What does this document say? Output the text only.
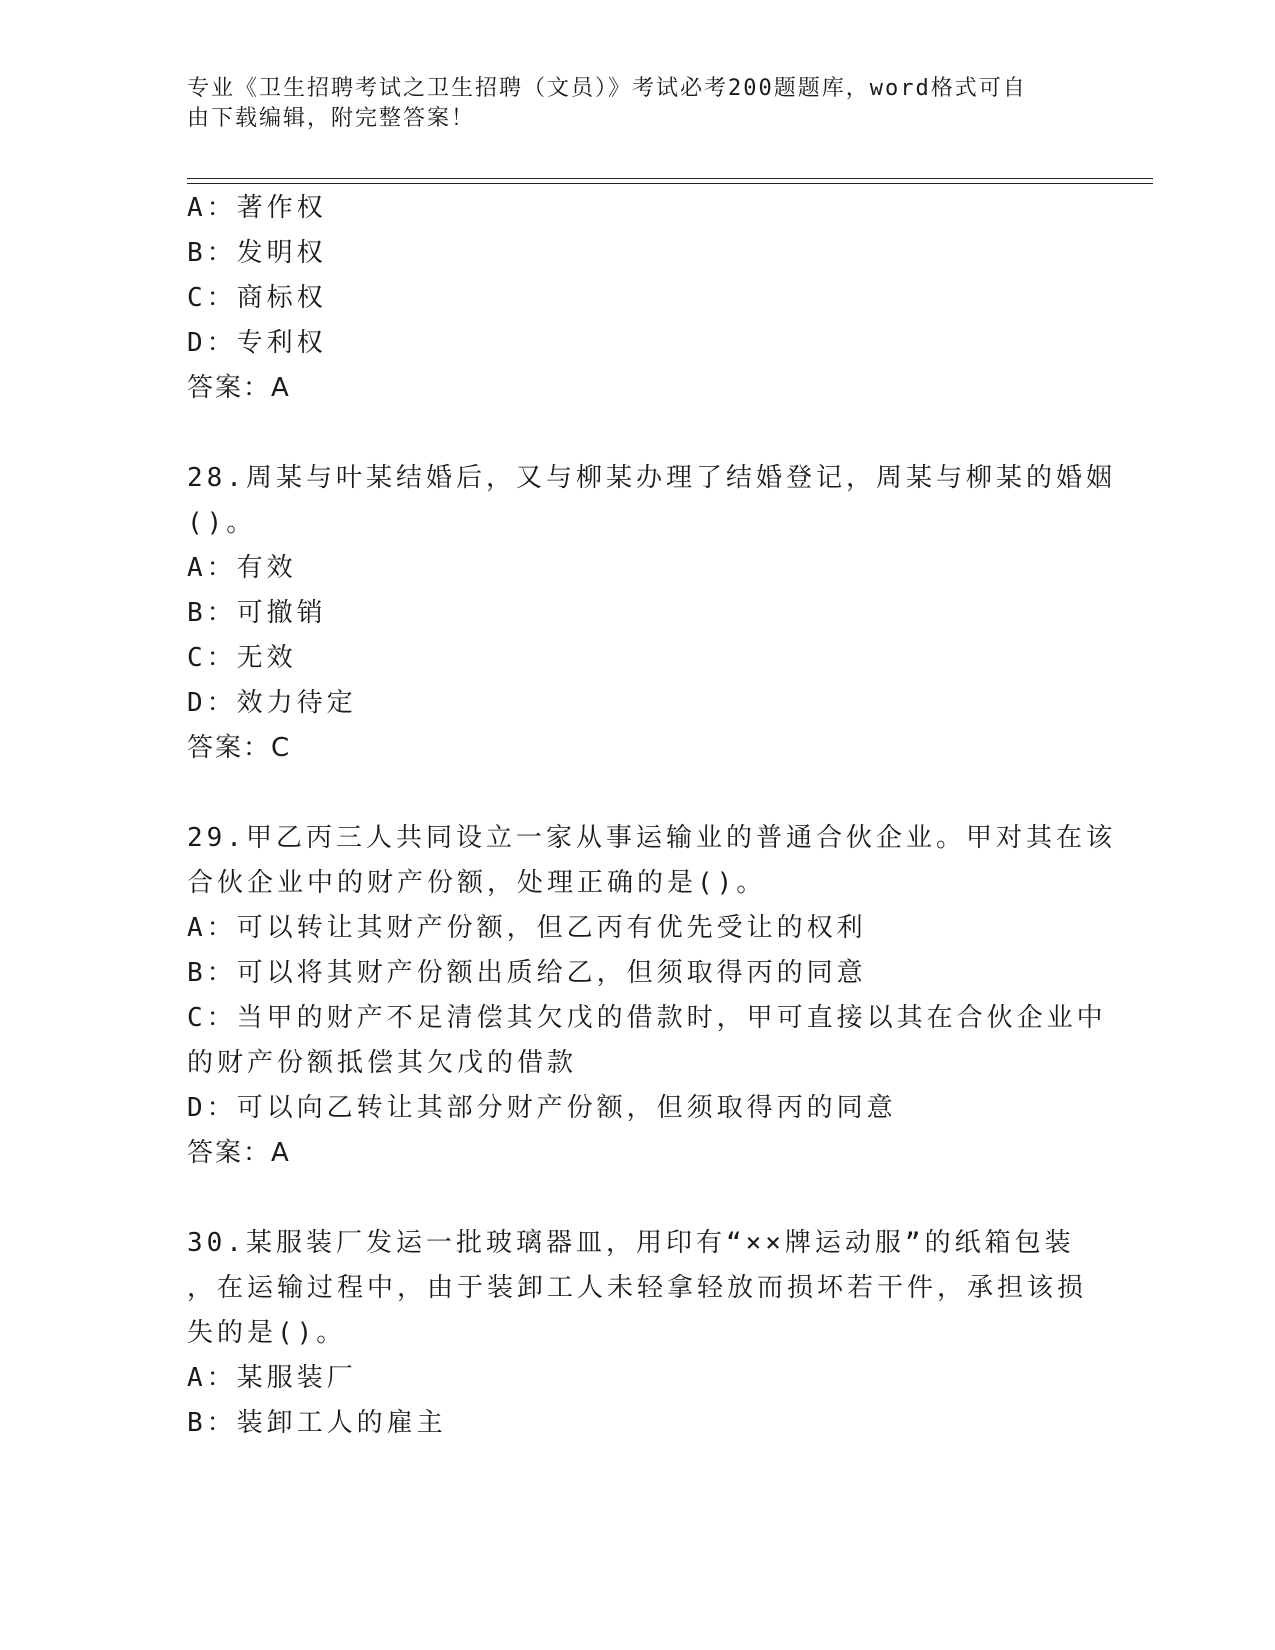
专业《卫生招聘考试之卫生招聘（文员）》考试必考200题题库，word格式可自
由下载编辑，附完整答案！
A：著作权
B：发明权
C：商标权
D：专利权
答案：A
28.周某与叶某结婚后，又与柳某办理了结婚登记，周某与柳某的婚姻
()。
A：有效
B：可撤销
C：无效
D：效力待定
答案：C
29.甲乙丙三人共同设立一家从事运输业的普通合伙企业。甲对其在该
合伙企业中的财产份额，处理正确的是()。
A：可以转让其财产份额，但乙丙有优先受让的权利
B：可以将其财产份额出质给乙，但须取得丙的同意
C：当甲的财产不足清偿其欠戊的借款时，甲可直接以其在合伙企业中
的财产份额抵偿其欠戊的借款
D：可以向乙转让其部分财产份额，但须取得丙的同意
答案：A
30.某服装厂发运一批玻璃器皿，用印有“××牌运动服”的纸箱包装
，在运输过程中，由于装卸工人未轻拿轻放而损坏若干件，承担该损
失的是()。
A：某服装厂
B：装卸工人的雇主
